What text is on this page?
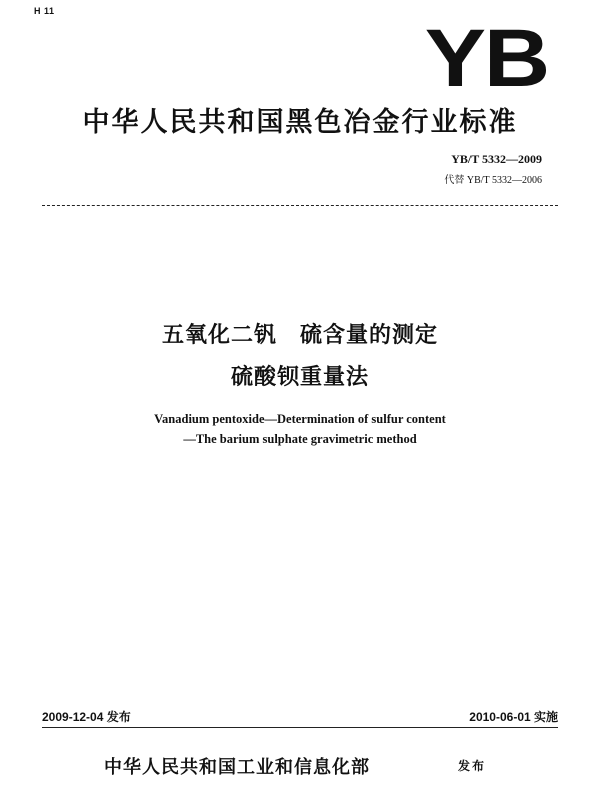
H 11
YB
中华人民共和国黑色冶金行业标准
YB/T 5332—2009
代替 YB/T 5332—2006
五氧化二钒　硫含量的测定
硫酸钡重量法
Vanadium pentoxide—Determination of sulfur content
—The barium sulphate gravimetric method
2009-12-04 发布	2010-06-01 实施
中华人民共和国工业和信息化部	发布
